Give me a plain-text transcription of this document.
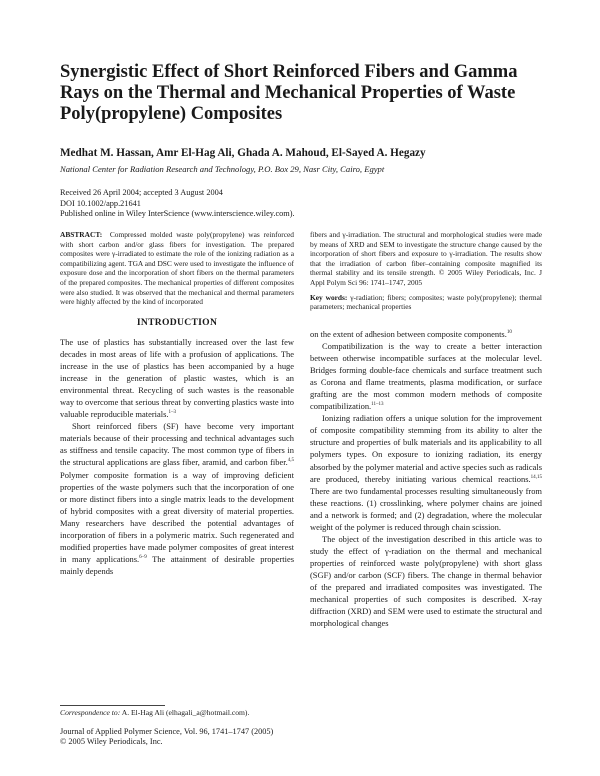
Synergistic Effect of Short Reinforced Fibers and Gamma Rays on the Thermal and Mechanical Properties of Waste Poly(propylene) Composites
Medhat M. Hassan, Amr El-Hag Ali, Ghada A. Mahoud, El-Sayed A. Hegazy
National Center for Radiation Research and Technology, P.O. Box 29, Nasr City, Cairo, Egypt
Received 26 April 2004; accepted 3 August 2004
DOI 10.1002/app.21641
Published online in Wiley InterScience (www.interscience.wiley.com).
ABSTRACT: Compressed molded waste poly(propylene) was reinforced with short carbon and/or glass fibers for investigation. The prepared composites were γ-irradiated to estimate the role of the ionizing radiation as a compatibilizing agent. TGA and DSC were used to investigate the influence of exposure dose and the incorporation of short fibers on the thermal parameters of the prepared composites. The mechanical properties of different composites were also studied. It was observed that the mechanical and thermal parameters were highly affected by the kind of incorporated
fibers and γ-irradiation. The structural and morphological studies were made by means of XRD and SEM to investigate the structure change caused by the incorporation of short fibers and exposure to γ-irradiation. The results show that the irradiation of carbon fiber–containing composite magnified its thermal stability and its tensile strength. © 2005 Wiley Periodicals, Inc. J Appl Polym Sci 96: 1741–1747, 2005
Key words: γ-radiation; fibers; composites; waste poly(propylene); thermal parameters; mechanical properties
INTRODUCTION

The use of plastics has substantially increased over the last few decades in most areas of life with a profusion of applications. The increase in the use of plastics has been accompanied by a huge increase in the generation of plastic wastes, which is an environmental threat. Recycling of such wastes is the reasonable way to overcome that serious threat by converting plastics waste into valuable reproducible materials.$^{1-3}$

Short reinforced fibers (SF) have become very important materials because of their processing and technical advantages such as stiffness and tensile capacity. The most common type of fibers in the structural applications are glass fiber, aramid, and carbon fiber.$^{4,5}$ Polymer composite formation is a way of improving deficient properties of the waste polymers such that the incorporation of one or more distinct fibers into a single matrix leads to the development of hybrid composites with a great diversity of material properties. Many researchers have described the potential advantages of incorporation of fibers in a polymeric matrix. Such regenerated and modified properties have made polymer composites of great interest in many applications.$^{6-9}$ The attainment of desirable properties mainly depends

on the extent of adhesion between composite components.$^{10}$

Compatibilization is the way to create a better interaction between otherwise incompatible surfaces at the molecular level. Bridges forming double-face chemicals and surface treatment such as Corona and flame treatments, plasma modification, or surface grafting are the most common modern methods of composite compatibilization.$^{11-13}$

Ionizing radiation offers a unique solution for the improvement of composite compatibility stemming from its ability to alter the structure and properties of bulk materials and its applicability to all polymers types. On exposure to ionizing radiation, its energy absorbed by the polymer material and active species such as radicals are produced, thereby initiating various chemical reactions.$^{14,15}$ There are two fundamental processes resulting simultaneously from these reactions. (1) crosslinking, where polymer chains are joined and a network is formed; and (2) degradation, where the molecular weight of the polymer is reduced through chain scission.

The object of the investigation described in this article was to study the effect of γ-radiation on the thermal and mechanical properties of reinforced waste poly(propylene) with short glass (SGF) and/or carbon (SCF) fibers. The change in thermal behavior of the prepared and irradiated composites was investigated. The mechanical properties of such composites is described. X-ray diffraction (XRD) and SEM were used to estimate the structural and morphological changes

Correspondence to: A. El-Hag Ali (elhagali_a@hotmail.com).
Journal of Applied Polymer Science, Vol. 96, 1741–1747 (2005)
© 2005 Wiley Periodicals, Inc.
